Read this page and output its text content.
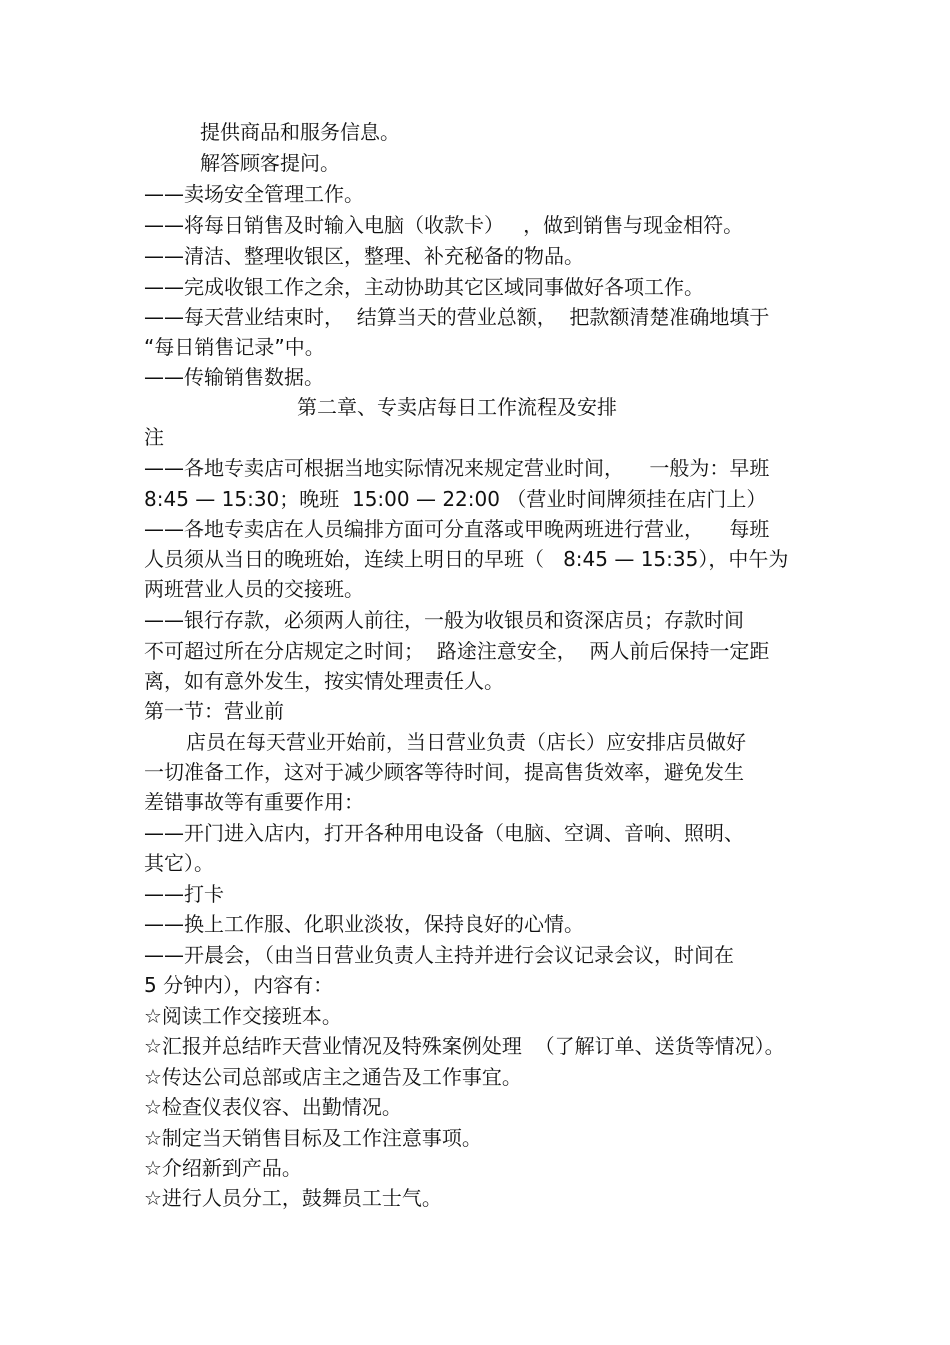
提供商品和服务信息。
解答顾客提问。
——卖场安全管理工作。
——将每日销售及时输入电脑（收款卡）   ，做到销售与现金相符。
——清洁、整理收银区，整理、补充秘备的物品。
——完成收银工作之余，主动协助其它区域同事做好各项工作。
——每天营业结束时，  结算当天的营业总额，  把款额清楚准确地填于
“每日销售记录”中。
——传输销售数据。
第二章、专卖店每日工作流程及安排
注
——各地专卖店可根据当地实际情况来规定营业时间，    一般为：早班
8:45 — 15:30；晚班  15:00 — 22:00 （营业时间牌须挂在店门上）
——各地专卖店在人员编排方面可分直落或甲晚两班进行营业，    每班
人员须从当日的晚班始，连续上明日的早班（   8:45 — 15:35），中午为
两班营业人员的交接班。
——银行存款，必须两人前往，一般为收银员和资深店员；存款时间
不可超过所在分店规定之时间；  路途注意安全，  两人前后保持一定距
离，如有意外发生，按实情处理责任人。
第一节：营业前
店员在每天营业开始前，当日营业负责（店长）应安排店员做好
一切准备工作，这对于减少顾客等待时间，提高售货效率，避免发生
差错事故等有重要作用：
——开门进入店内，打开各种用电设备（电脑、空调、音响、照明、
其它）。
——打卡
——换上工作服、化职业淡妆，保持良好的心情。
——开晨会，（由当日营业负责人主持并进行会议记录会议，时间在
5 分钟内），内容有：
☆阅读工作交接班本。
☆汇报并总结昨天营业情况及特殊案例处理  （了解订单、送货等情况）。
☆传达公司总部或店主之通告及工作事宜。
☆检查仪表仪容、出勤情况。
☆制定当天销售目标及工作注意事项。
☆介绍新到产品。
☆进行人员分工，鼓舞员工士气。
